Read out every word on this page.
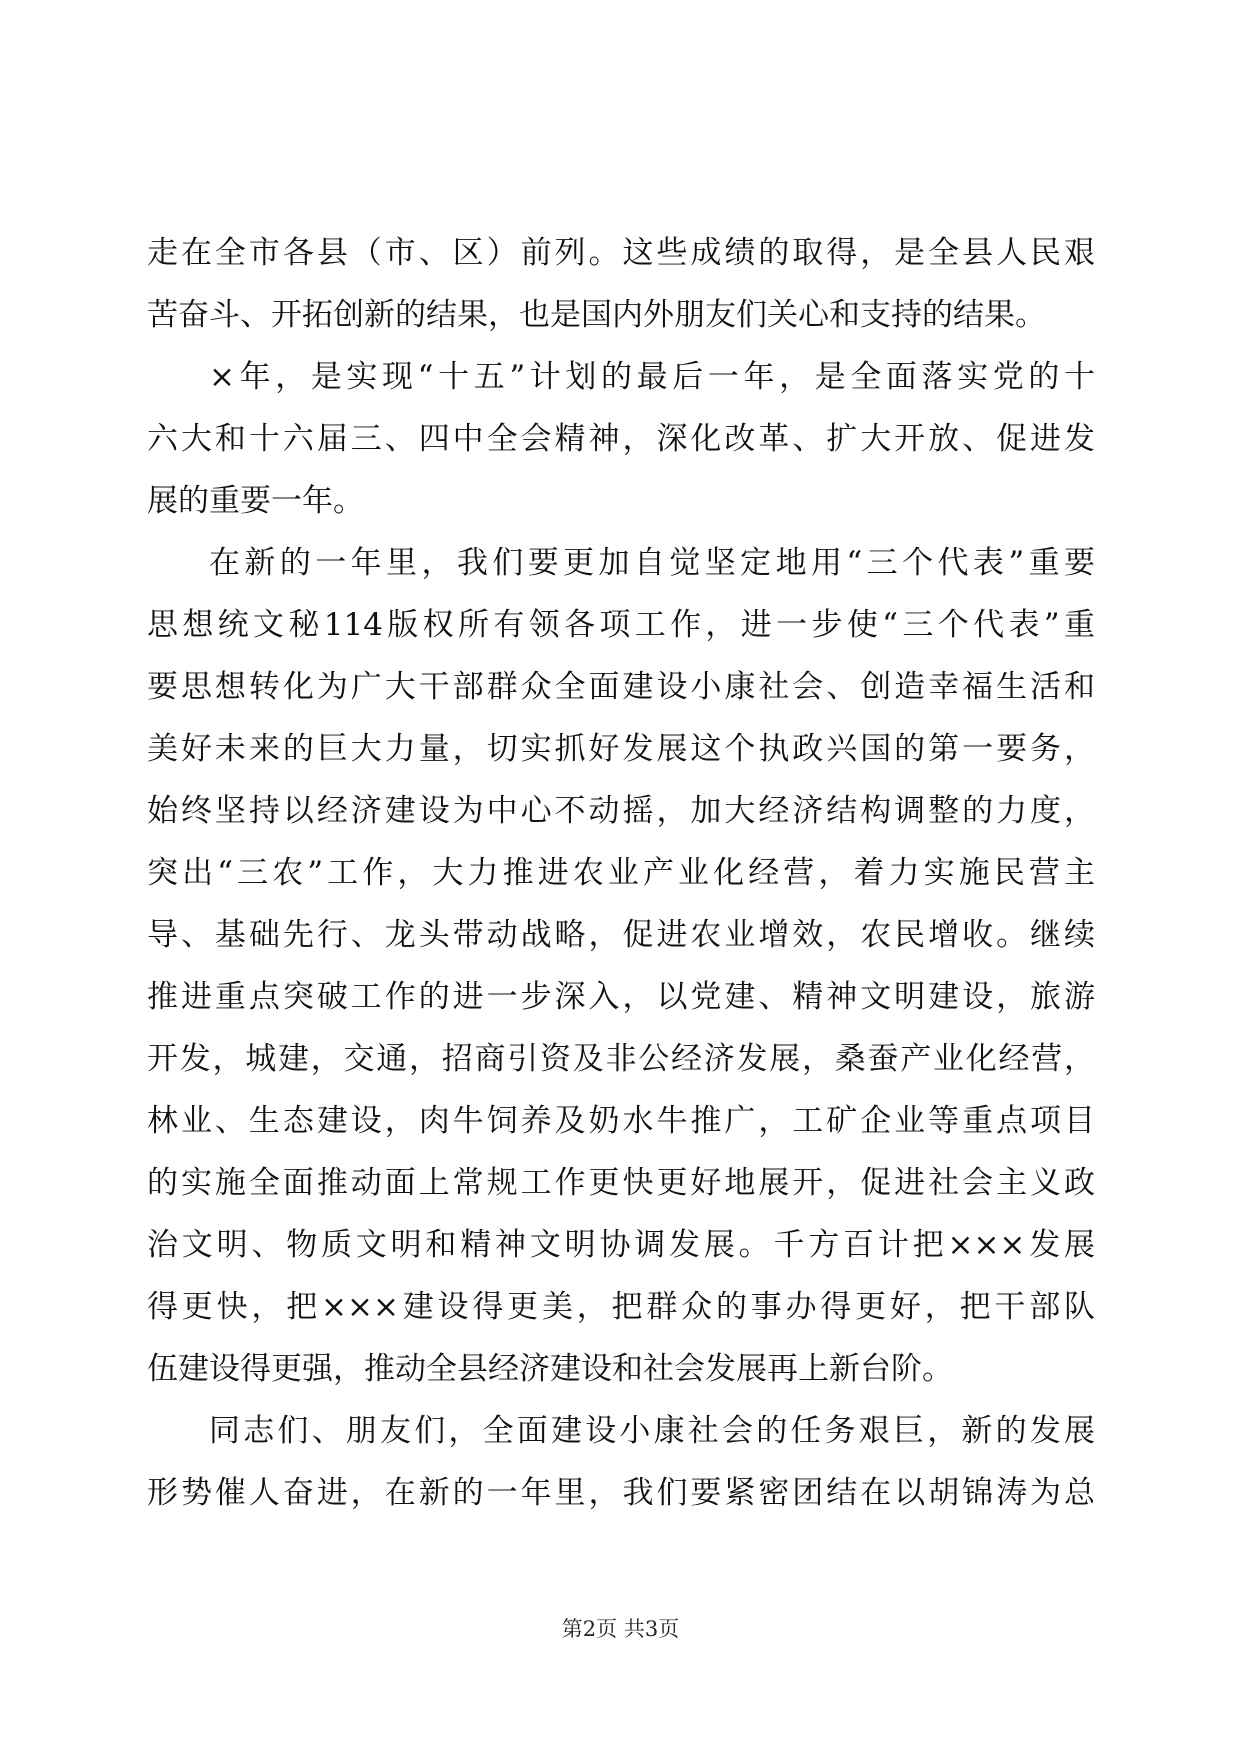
走在全市各县（市、区）前列。这些成绩的取得，是全县人民艰
苦奋斗、开拓创新的结果，也是国内外朋友们关心和支持的结果。
×年，是实现“十五”计划的最后一年，是全面落实党的十
六大和十六届三、四中全会精神，深化改革、扩大开放、促进发
展的重要一年。
在新的一年里，我们要更加自觉坚定地用“三个代表”重要
思想统文秘114版权所有领各项工作，进一步使“三个代表”重
要思想转化为广大干部群众全面建设小康社会、创造幸福生活和
美好未来的巨大力量，切实抓好发展这个执政兴国的第一要务，
始终坚持以经济建设为中心不动摇，加大经济结构调整的力度，
突出“三农”工作，大力推进农业产业化经营，着力实施民营主
导、基础先行、龙头带动战略，促进农业增效，农民增收。继续
推进重点突破工作的进一步深入，以党建、精神文明建设，旅游
开发，城建，交通，招商引资及非公经济发展，桑蚕产业化经营，
林业、生态建设，肉牛饲养及奶水牛推广，工矿企业等重点项目
的实施全面推动面上常规工作更快更好地展开，促进社会主义政
治文明、物质文明和精神文明协调发展。千方百计把×××发展
得更快，把×××建设得更美，把群众的事办得更好，把干部队
伍建设得更强，推动全县经济建设和社会发展再上新台阶。
同志们、朋友们，全面建设小康社会的任务艰巨，新的发展
形势催人奋进，在新的一年里，我们要紧密团结在以胡锦涛为总
第2页 共3页
